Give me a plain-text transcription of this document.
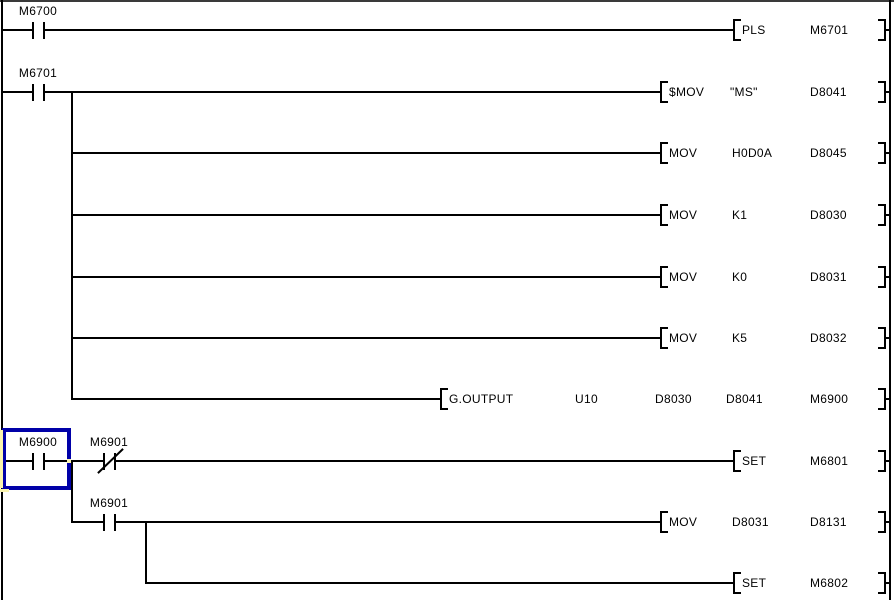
M6700
M6701
M6900	M6901
M6901
PLS	M6701
$MOV "MS"	D8041
MOV	H0D0A	D8045
MOV	K1	D8030
MOV	K0	D8031
MOV	K5	D8032
G.OUTPUT	U10	D8030	D8041	M6900
SET	M6801
MOV	D8031	D8131
SET	M6802
